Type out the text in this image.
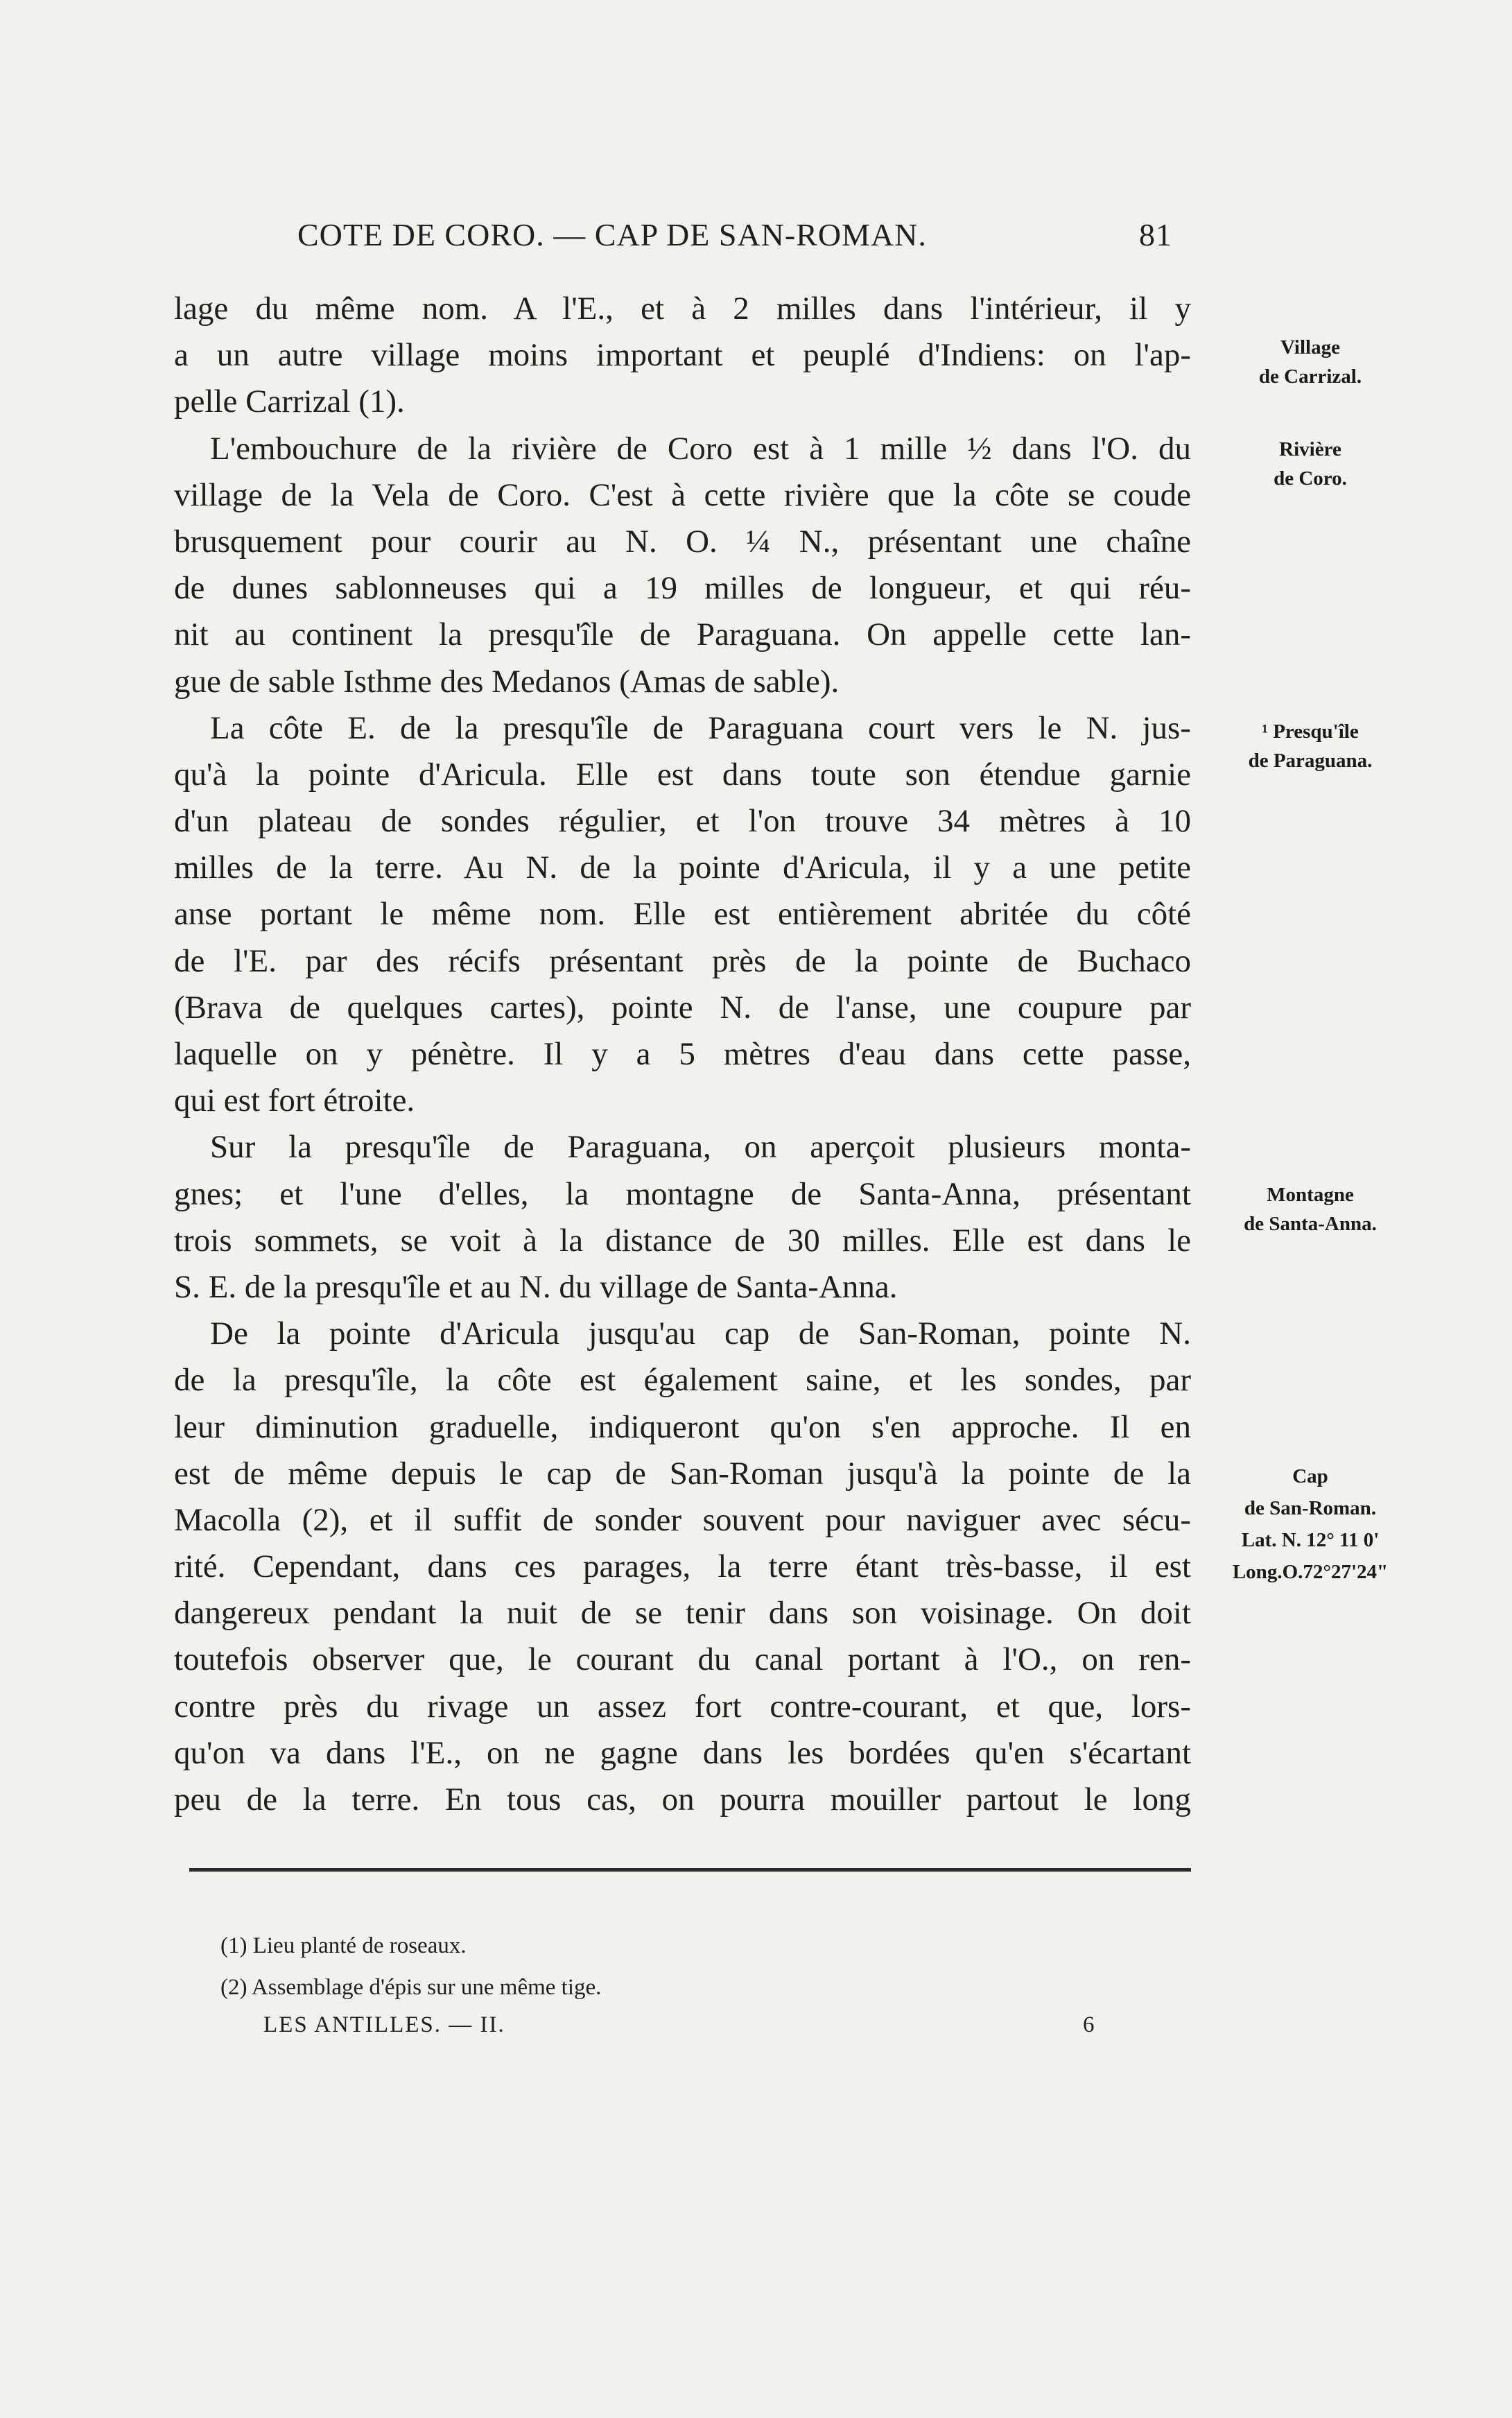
COTE DE CORO. — CAP DE SAN-ROMAN.	81
lage du même nom. A l'E., et à 2 milles dans l'intérieur, il y
a un autre village moins important et peuplé d'Indiens: on l'ap-
pelle Carrizal (1).
L'embouchure de la rivière de Coro est à 1 mille ½ dans l'O. du
village de la Vela de Coro. C'est à cette rivière que la côte se coude
brusquement pour courir au N. O. ¼ N., présentant une chaîne
de dunes sablonneuses qui a 19 milles de longueur, et qui réu-
nit au continent la presqu'île de Paraguana. On appelle cette lan-
gue de sable Isthme des Medanos (Amas de sable).
La côte E. de la presqu'île de Paraguana court vers le N. jus-
qu'à la pointe d'Aricula. Elle est dans toute son étendue garnie
d'un plateau de sondes régulier, et l'on trouve 34 mètres à 10
milles de la terre. Au N. de la pointe d'Aricula, il y a une petite
anse portant le même nom. Elle est entièrement abritée du côté
de l'E. par des récifs présentant près de la pointe de Buchaco
(Brava de quelques cartes), pointe N. de l'anse, une coupure par
laquelle on y pénètre. Il y a 5 mètres d'eau dans cette passe,
qui est fort étroite.
Sur la presqu'île de Paraguana, on aperçoit plusieurs monta-
gnes; et l'une d'elles, la montagne de Santa-Anna, présentant
trois sommets, se voit à la distance de 30 milles. Elle est dans le
S. E. de la presqu'île et au N. du village de Santa-Anna.
De la pointe d'Aricula jusqu'au cap de San-Roman, pointe N.
de la presqu'île, la côte est également saine, et les sondes, par
leur diminution graduelle, indiqueront qu'on s'en approche. Il en
est de même depuis le cap de San-Roman jusqu'à la pointe de la
Macolla (2), et il suffit de sonder souvent pour naviguer avec sécu-
rité. Cependant, dans ces parages, la terre étant très-basse, il est
dangereux pendant la nuit de se tenir dans son voisinage. On doit
toutefois observer que, le courant du canal portant à l'O., on ren-
contre près du rivage un assez fort contre-courant, et que, lors-
qu'on va dans l'E., on ne gagne dans les bordées qu'en s'écartant
peu de la terre. En tous cas, on pourra mouiller partout le long
Village
de Carrizal.
Rivière
de Coro.
¹ Presqu'île
de Paraguana.
Montagne
de Santa-Anna.
Cap
de San-Roman.
Lat. N. 12° 11 0'
Long.O.72°27'24"
(1) Lieu planté de roseaux.
(2) Assemblage d'épis sur une même tige.
LES ANTILLES. — II.	6
